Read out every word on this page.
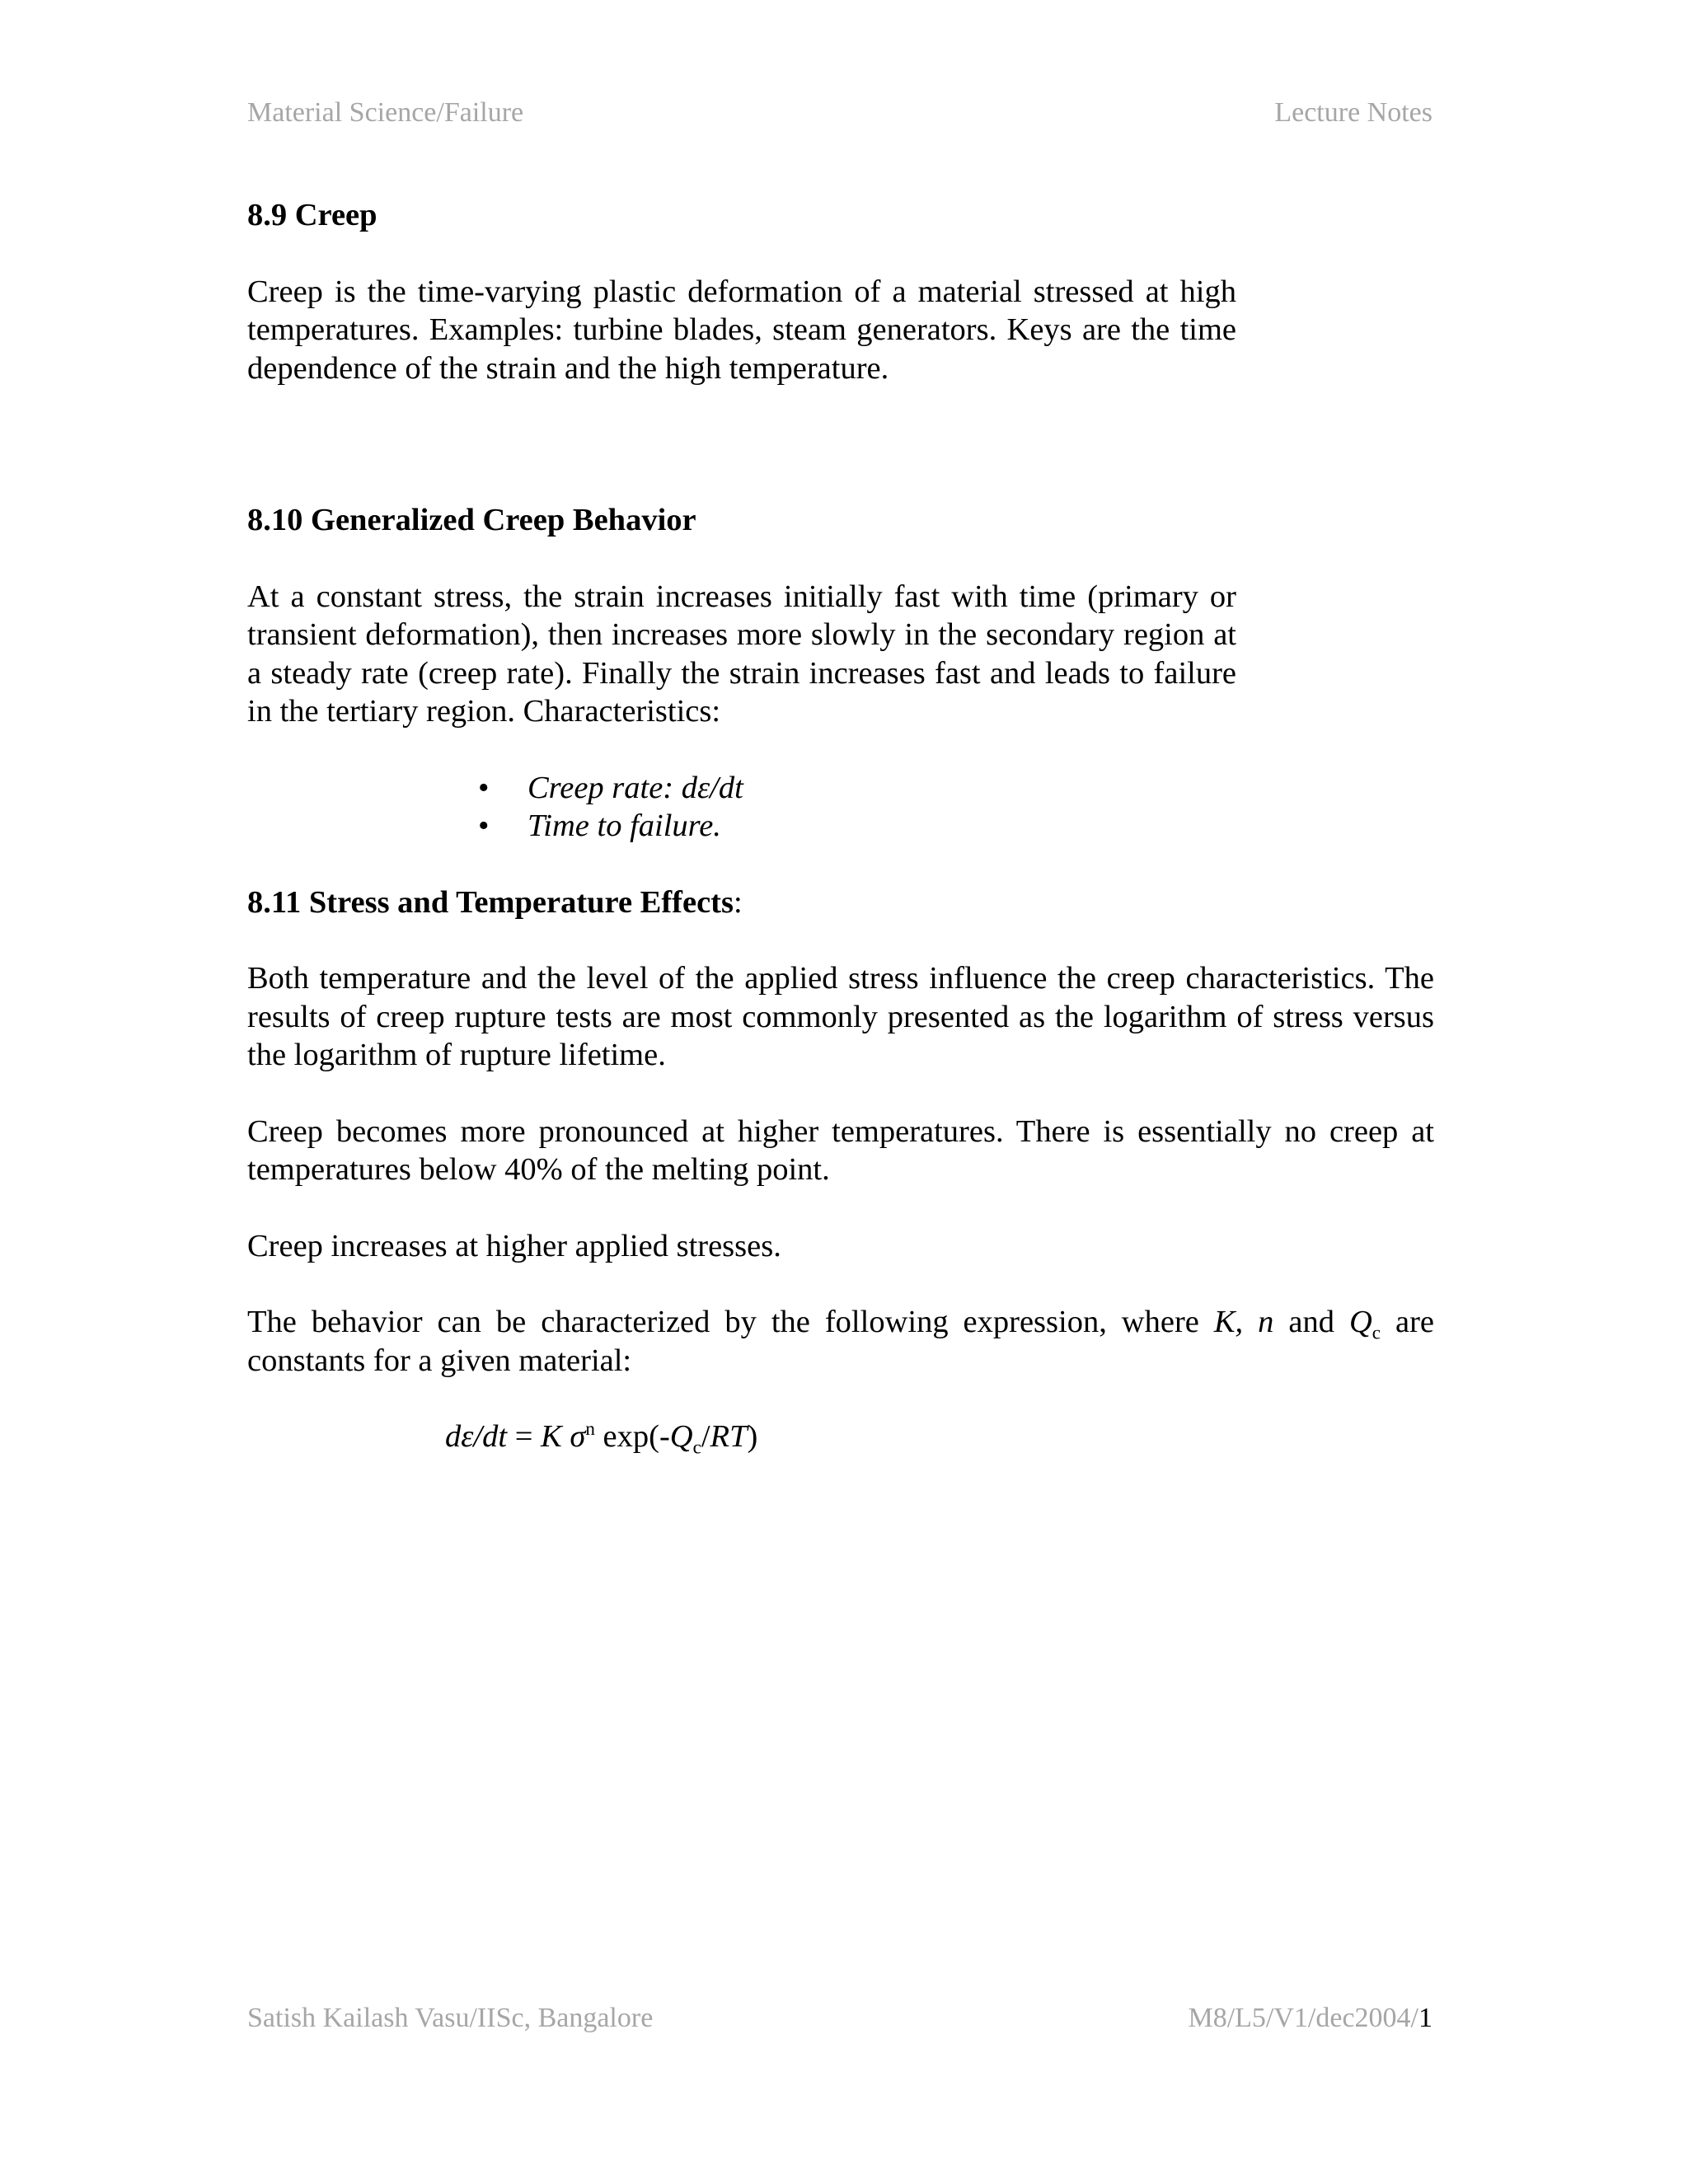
Material Science/Failure	Lecture Notes
8.9 Creep

Creep is the time-varying plastic deformation of a material stressed at high temperatures. Examples: turbine blades, steam generators. Keys are the time dependence of the strain and the high temperature.

8.10 Generalized Creep Behavior

At a constant stress, the strain increases initially fast with time (primary or transient deformation), then increases more slowly in the secondary region at a steady rate (creep rate). Finally the strain increases fast and leads to failure in the tertiary region. Characteristics:

• Creep rate: dε/dt
• Time to failure.
8.11 Stress and Temperature Effects:

Both temperature and the level of the applied stress influence the creep characteristics. The results of creep rupture tests are most commonly presented as the logarithm of stress versus the logarithm of rupture lifetime.

Creep becomes more pronounced at higher temperatures. There is essentially no creep at temperatures below 40% of the melting point.

Creep increases at higher applied stresses.

The behavior can be characterized by the following expression, where K, n and $Q_c$ are constants for a given material:

dε/dt = K $\sigma^n$ $\exp(-Q_c/RT)$
Satish Kailash Vasu/IISc, Bangalore	M8/L5/V1/dec2004/1
